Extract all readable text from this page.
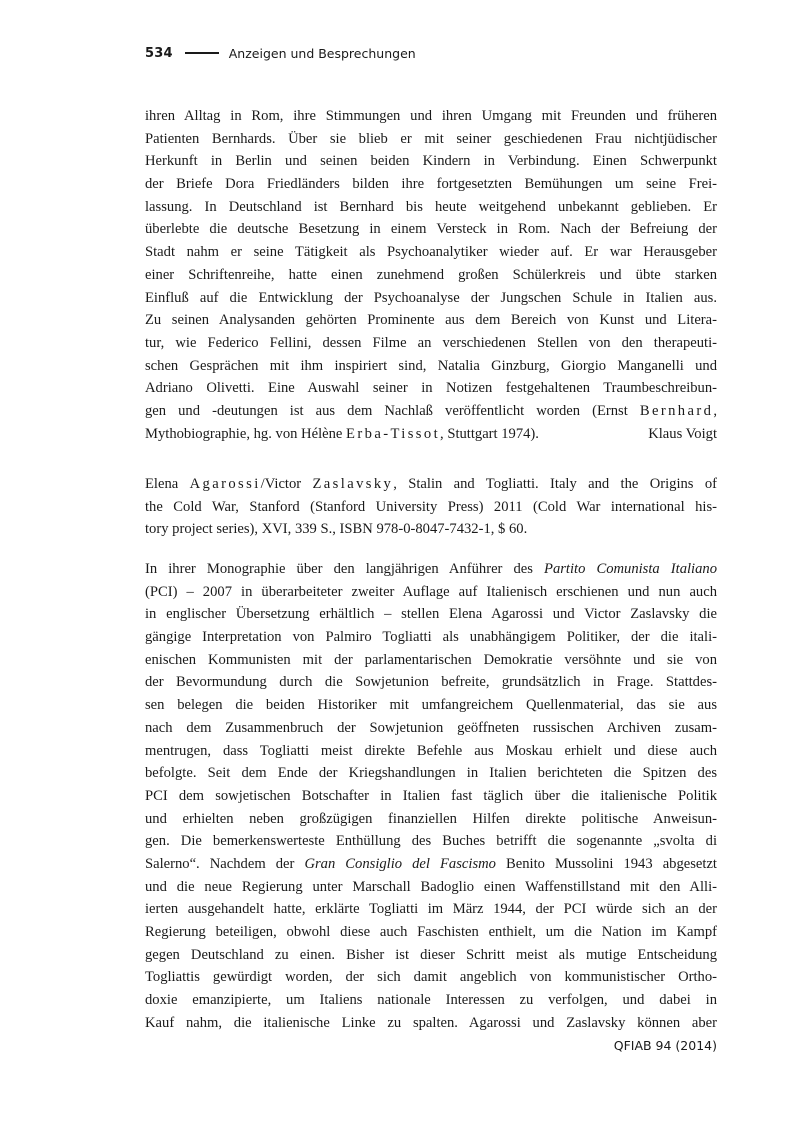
534	Anzeigen und Besprechungen
ihren Alltag in Rom, ihre Stimmungen und ihren Umgang mit Freunden und früheren
Patienten Bernhards. Über sie blieb er mit seiner geschiedenen Frau nichtjüdischer
Herkunft in Berlin und seinen beiden Kindern in Verbindung. Einen Schwerpunkt
der Briefe Dora Friedländers bilden ihre fortgesetzten Bemühungen um seine Frei-
lassung. In Deutschland ist Bernhard bis heute weitgehend unbekannt geblieben. Er
überlebte die deutsche Besetzung in einem Versteck in Rom. Nach der Befreiung der
Stadt nahm er seine Tätigkeit als Psychoanalytiker wieder auf. Er war Herausgeber
einer Schriftenreihe, hatte einen zunehmend großen Schülerkreis und übte starken
Einfluß auf die Entwicklung der Psychoanalyse der Jungschen Schule in Italien aus.
Zu seinen Analysanden gehörten Prominente aus dem Bereich von Kunst und Litera-
tur, wie Federico Fellini, dessen Filme an verschiedenen Stellen von den therapeuti-
schen Gesprächen mit ihm inspiriert sind, Natalia Ginzburg, Giorgio Manganelli und
Adriano Olivetti. Eine Auswahl seiner in Notizen festgehaltenen Traumbeschreibun-
gen und -deutungen ist aus dem Nachlaß veröffentlicht worden (Ernst Bernhard,
Mythobiographie, hg. von Hélène Erba-Tissot, Stuttgart 1974).	Klaus Voigt
Elena Agarossi/Victor Zaslavsky, Stalin and Togliatti. Italy and the Origins of
the Cold War, Stanford (Stanford University Press) 2011 (Cold War international his-
tory project series), XVI, 339 S., ISBN 978-0-8047-7432-1, $ 60.
In ihrer Monographie über den langjährigen Anführer des Partito Comunista Italiano
(PCI) – 2007 in überarbeiteter zweiter Auflage auf Italienisch erschienen und nun auch
in englischer Übersetzung erhältlich – stellen Elena Agarossi und Victor Zaslavsky die
gängige Interpretation von Palmiro Togliatti als unabhängigem Politiker, der die itali-
enischen Kommunisten mit der parlamentarischen Demokratie versöhnte und sie von
der Bevormundung durch die Sowjetunion befreite, grundsätzlich in Frage. Stattdes-
sen belegen die beiden Historiker mit umfangreichem Quellenmaterial, das sie aus
nach dem Zusammenbruch der Sowjetunion geöffneten russischen Archiven zusam-
mentrugen, dass Togliatti meist direkte Befehle aus Moskau erhielt und diese auch
befolgte. Seit dem Ende der Kriegshandlungen in Italien berichteten die Spitzen des
PCI dem sowjetischen Botschafter in Italien fast täglich über die italienische Politik
und erhielten neben großzügigen finanziellen Hilfen direkte politische Anweisun-
gen. Die bemerkenswerteste Enthüllung des Buches betrifft die sogenannte „svolta di
Salerno“. Nachdem der Gran Consiglio del Fascismo Benito Mussolini 1943 abgesetzt
und die neue Regierung unter Marschall Badoglio einen Waffenstillstand mit den Alli-
ierten ausgehandelt hatte, erklärte Togliatti im März 1944, der PCI würde sich an der
Regierung beteiligen, obwohl diese auch Faschisten enthielt, um die Nation im Kampf
gegen Deutschland zu einen. Bisher ist dieser Schritt meist als mutige Entscheidung
Togliattis gewürdigt worden, der sich damit angeblich von kommunistischer Ortho-
doxie emanzipierte, um Italiens nationale Interessen zu verfolgen, und dabei in
Kauf nahm, die italienische Linke zu spalten. Agarossi und Zaslavsky können aber
QFIAB 94 (2014)
